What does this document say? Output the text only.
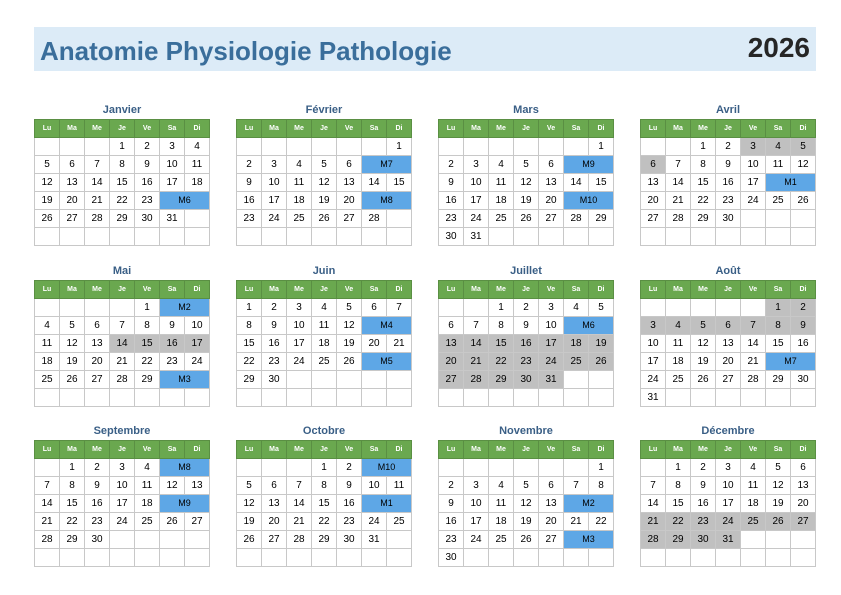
Anatomie Physiologie Pathologie	2026
Janvier
Lu	Ma	Me	Je	Ve	Sa	Di
			1	2	3	4
5	6	7	8	9	10	11
12	13	14	15	16	17	18
19	20	21	22	23	M6	
26	27	28	29	30	31	

Février
Lu	Ma	Me	Je	Ve	Sa	Di
						1
2	3	4	5	6	M7	
9	10	11	12	13	14	15
16	17	18	19	20	M8	
23	24	25	26	27	28	

Mars
Lu	Ma	Me	Je	Ve	Sa	Di
						1
2	3	4	5	6	M9	
9	10	11	12	13	14	15
16	17	18	19	20	M10	
23	24	25	26	27	28	29
30	31					
Avril
Lu	Ma	Me	Je	Ve	Sa	Di
		1	2	3	4	5
6	7	8	9	10	11	12
13	14	15	16	17	M1	
20	21	22	23	24	25	26
27	28	29	30			

Mai
Lu	Ma	Me	Je	Ve	Sa	Di
				1	M2	
4	5	6	7	8	9	10
11	12	13	14	15	16	17
18	19	20	21	22	23	24
25	26	27	28	29	M3	

Juin
Lu	Ma	Me	Je	Ve	Sa	Di
1	2	3	4	5	6	7
8	9	10	11	12	M4	
15	16	17	18	19	20	21
22	23	24	25	26	M5	
29	30					

Juillet
Lu	Ma	Me	Je	Ve	Sa	Di
		1	2	3	4	5
6	7	8	9	10	M6	
13	14	15	16	17	18	19
20	21	22	23	24	25	26
27	28	29	30	31		

Août
Lu	Ma	Me	Je	Ve	Sa	Di
					1	2
3	4	5	6	7	8	9
10	11	12	13	14	15	16
17	18	19	20	21	M7	
24	25	26	27	28	29	30
31						
Septembre
Lu	Ma	Me	Je	Ve	Sa	Di
	1	2	3	4	M8	
7	8	9	10	11	12	13
14	15	16	17	18	M9	
21	22	23	24	25	26	27
28	29	30				

Octobre
Lu	Ma	Me	Je	Ve	Sa	Di
			1	2	M10	
5	6	7	8	9	10	11
12	13	14	15	16	M1	
19	20	21	22	23	24	25
26	27	28	29	30	31	

Novembre
Lu	Ma	Me	Je	Ve	Sa	Di
						1
2	3	4	5	6	7	8
9	10	11	12	13	M2	
16	17	18	19	20	21	22
23	24	25	26	27	M3	
30						
Décembre
Lu	Ma	Me	Je	Ve	Sa	Di
	1	2	3	4	5	6
7	8	9	10	11	12	13
14	15	16	17	18	19	20
21	22	23	24	25	26	27
28	29	30	31			
